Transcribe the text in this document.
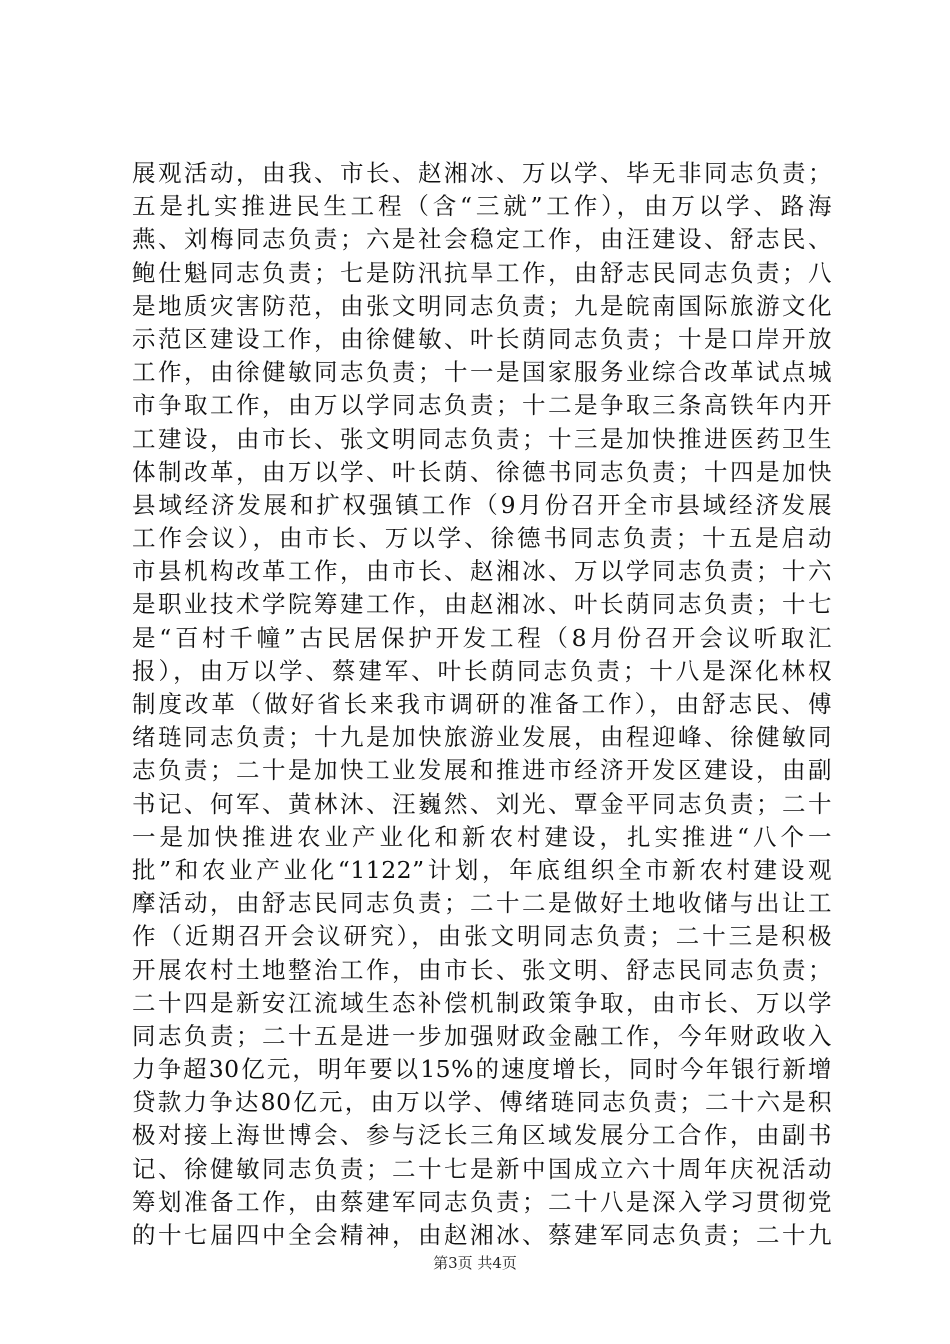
展观活动，由我、市长、赵湘冰、万以学、毕无非同志负责；
五是扎实推进民生工程（含“三就”工作），由万以学、路海
燕、刘梅同志负责；六是社会稳定工作，由汪建设、舒志民、
鲍仕魁同志负责；七是防汛抗旱工作，由舒志民同志负责；八
是地质灾害防范，由张文明同志负责；九是皖南国际旅游文化
示范区建设工作，由徐健敏、叶长荫同志负责；十是口岸开放
工作，由徐健敏同志负责；十一是国家服务业综合改革试点城
市争取工作，由万以学同志负责；十二是争取三条高铁年内开
工建设，由市长、张文明同志负责；十三是加快推进医药卫生
体制改革，由万以学、叶长荫、徐德书同志负责；十四是加快
县域经济发展和扩权强镇工作（9月份召开全市县域经济发展
工作会议），由市长、万以学、徐德书同志负责；十五是启动
市县机构改革工作，由市长、赵湘冰、万以学同志负责；十六
是职业技术学院筹建工作，由赵湘冰、叶长荫同志负责；十七
是“百村千幢”古民居保护开发工程（8月份召开会议听取汇
报），由万以学、蔡建军、叶长荫同志负责；十八是深化林权
制度改革（做好省长来我市调研的准备工作），由舒志民、傅
绪琏同志负责；十九是加快旅游业发展，由程迎峰、徐健敏同
志负责；二十是加快工业发展和推进市经济开发区建设，由副
书记、何军、黄林沐、汪巍然、刘光、覃金平同志负责；二十
一是加快推进农业产业化和新农村建设，扎实推进“八个一
批”和农业产业化“1122”计划，年底组织全市新农村建设观
摩活动，由舒志民同志负责；二十二是做好土地收储与出让工
作（近期召开会议研究），由张文明同志负责；二十三是积极
开展农村土地整治工作，由市长、张文明、舒志民同志负责；
二十四是新安江流域生态补偿机制政策争取，由市长、万以学
同志负责；二十五是进一步加强财政金融工作，今年财政收入
力争超30亿元，明年要以15%的速度增长，同时今年银行新增
贷款力争达80亿元，由万以学、傅绪琏同志负责；二十六是积
极对接上海世博会、参与泛长三角区域发展分工合作，由副书
记、徐健敏同志负责；二十七是新中国成立六十周年庆祝活动
筹划准备工作，由蔡建军同志负责；二十八是深入学习贯彻党
的十七届四中全会精神，由赵湘冰、蔡建军同志负责；二十九
第3页 共4页
